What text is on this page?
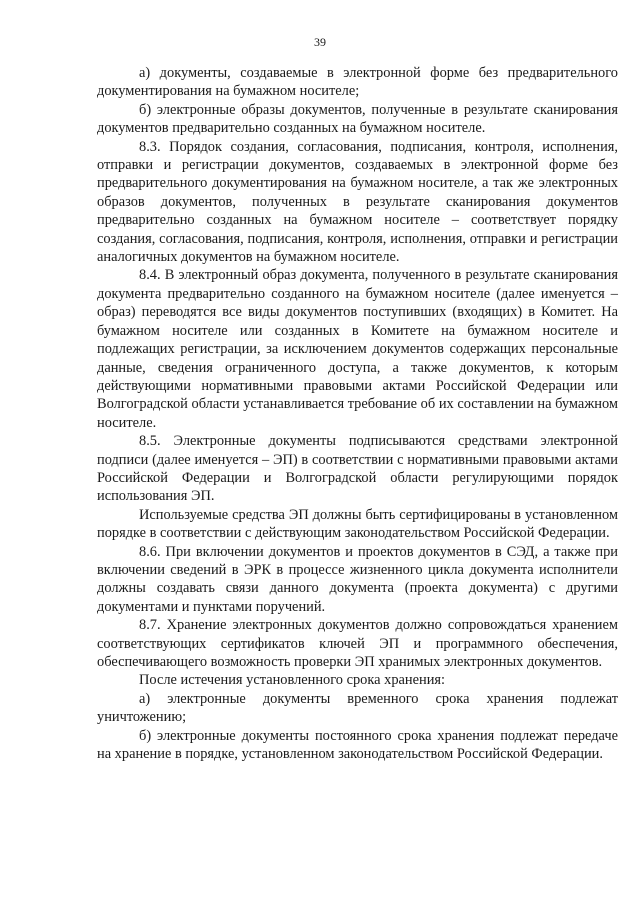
39

а) документы, создаваемые в электронной форме без предварительного документирования на бумажном носителе;

б) электронные образы документов, полученные в результате сканирования документов предварительно созданных на бумажном носителе.

8.3. Порядок создания, согласования, подписания, контроля, исполнения, отправки и регистрации документов, создаваемых в электронной форме без предварительного документирования на бумажном носителе, а так же электронных образов документов, полученных в результате сканирования документов предварительно созданных на бумажном носителе – соответствует порядку создания, согласования, подписания, контроля, исполнения, отправки и регистрации аналогичных документов на бумажном носителе.

8.4. В электронный образ документа, полученного в результате сканирования документа предварительно созданного на бумажном носителе (далее именуется – образ) переводятся все виды документов поступивших (входящих) в Комитет. На бумажном носителе или созданных в Комитете на бумажном носителе и подлежащих регистрации, за исключением документов содержащих персональные данные, сведения ограниченного доступа, а также документов, к которым действующими нормативными правовыми актами Российской Федерации или Волгоградской области устанавливается требование об их составлении на бумажном носителе.

8.5. Электронные документы подписываются средствами электронной подписи (далее именуется – ЭП) в соответствии с нормативными правовыми актами Российской Федерации и Волгоградской области регулирующими порядок использования ЭП.

Используемые средства ЭП должны быть сертифицированы в установленном порядке в соответствии с действующим законодательством Российской Федерации.

8.6. При включении документов и проектов документов в СЭД, а также при включении сведений в ЭРК в процессе жизненного цикла документа исполнители должны создавать связи данного документа (проекта документа) с другими документами и пунктами поручений.

8.7. Хранение электронных документов должно сопровождаться хранением соответствующих сертификатов ключей ЭП и программного обеспечения, обеспечивающего возможность проверки ЭП хранимых электронных документов.

После истечения установленного срока хранения:

а) электронные документы временного срока хранения подлежат уничтожению;

б) электронные документы постоянного срока хранения подлежат передаче на хранение в порядке, установленном законодательством Российской Федерации.
